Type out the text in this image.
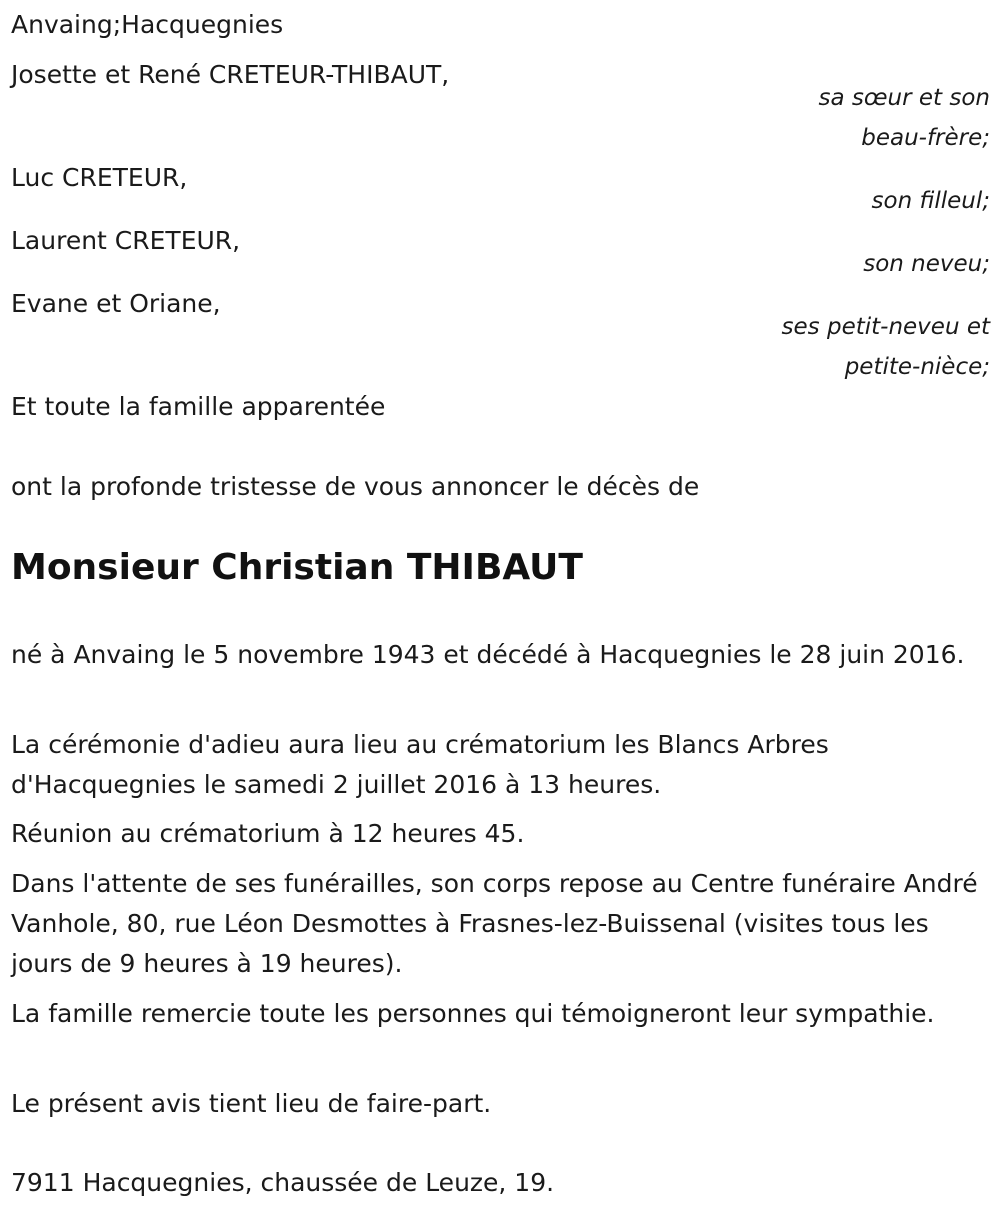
Anvaing;Hacquegnies

Josette et René CRETEUR-THIBAUT,

sa sœur et son

beau-frère;

Luc CRETEUR,

son filleul;

Laurent CRETEUR,

son neveu;

Evane et Oriane,

ses petit-neveu et

petite-nièce;

Et toute la famille apparentée

ont la profonde tristesse de vous annoncer le décès de

Monsieur Christian THIBAUT

né à Anvaing le 5 novembre 1943 et décédé à Hacquegnies le 28 juin 2016.

La cérémonie d'adieu aura lieu au crématorium les Blancs Arbres d'Hacquegnies le samedi 2 juillet 2016 à 13 heures.

Réunion au crématorium à 12 heures 45.

Dans l'attente de ses funérailles, son corps repose au Centre funéraire André Vanhole, 80, rue Léon Desmottes à Frasnes-lez-Buissenal (visites tous les jours de 9 heures à 19 heures).

La famille remercie toute les personnes qui témoigneront leur sympathie.

Le présent avis tient lieu de faire-part.

7911 Hacquegnies, chaussée de Leuze, 19.
